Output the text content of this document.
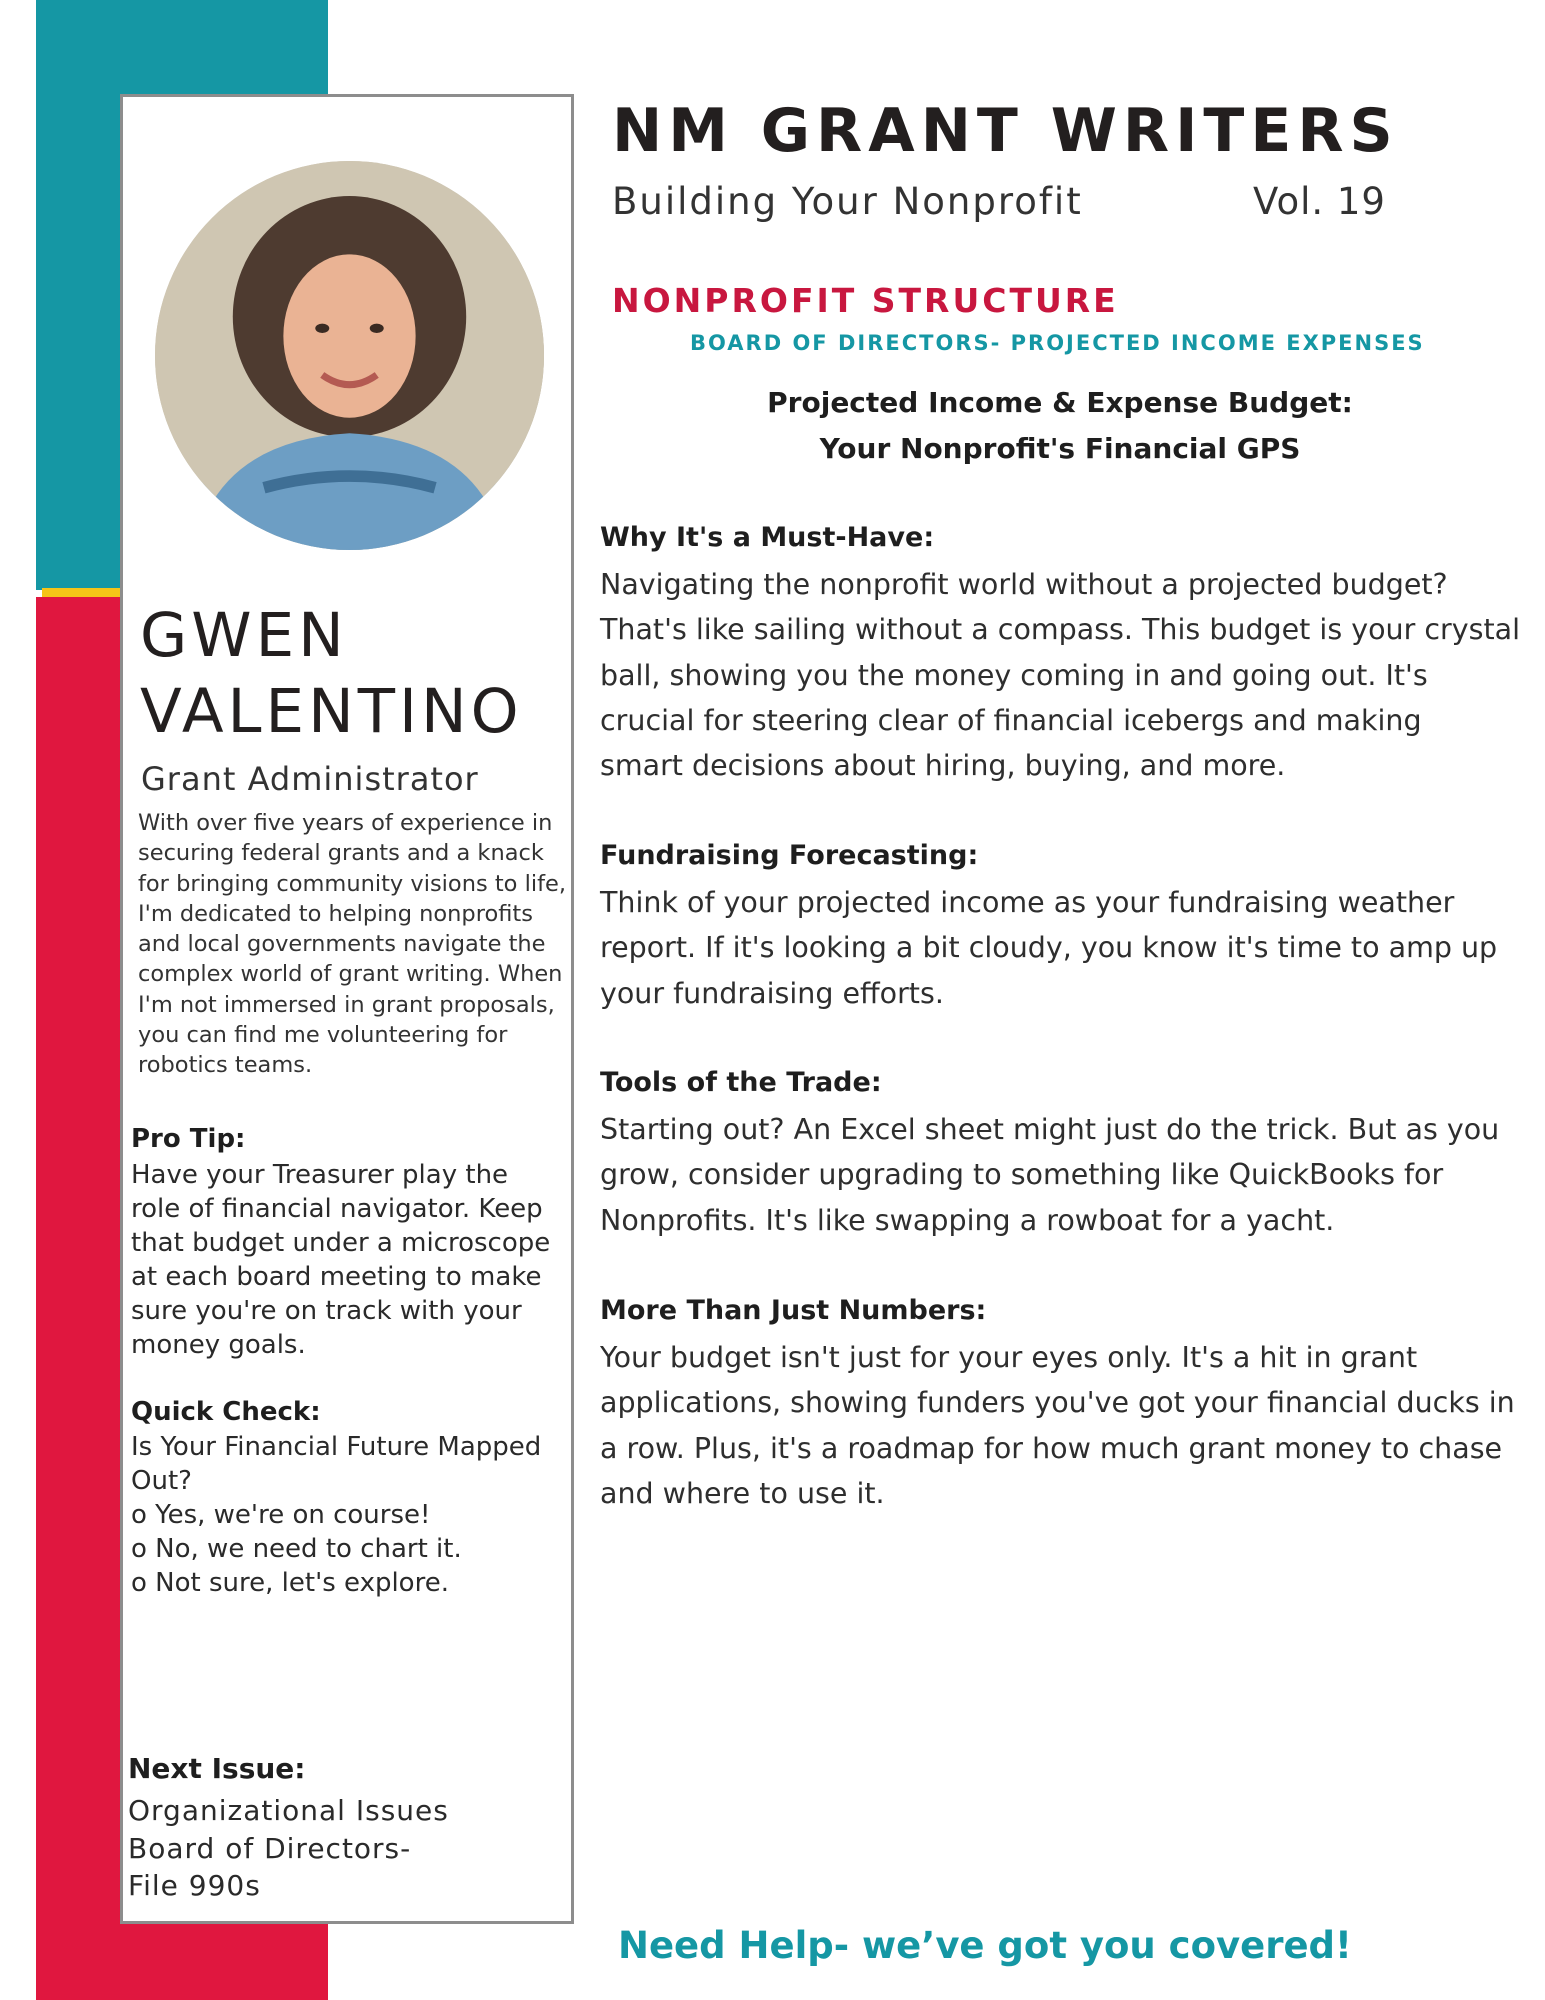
GWEN
VALENTINO
Grant Administrator
With over five years of experience in
securing federal grants and a knack
for bringing community visions to life,
I'm dedicated to helping nonprofits
and local governments navigate the
complex world of grant writing. When
I'm not immersed in grant proposals,
you can find me volunteering for
robotics teams.
Pro Tip:
Have your Treasurer play the
role of financial navigator. Keep
that budget under a microscope
at each board meeting to make
sure you're on track with your
money goals.
Quick Check:
Is Your Financial Future Mapped
Out?
o Yes, we're on course!
o No, we need to chart it.
o Not sure, let's explore.
Next Issue:
Organizational Issues
Board of Directors-
File 990s
NM GRANT WRITERS
Building Your Nonprofit	Vol. 19
NONPROFIT STRUCTURE
BOARD OF DIRECTORS- PROJECTED INCOME EXPENSES
Projected Income & Expense Budget:
Your Nonprofit's Financial GPS
Why It's a Must-Have:
Navigating the nonprofit world without a projected budget?
That's like sailing without a compass. This budget is your crystal
ball, showing you the money coming in and going out. It's
crucial for steering clear of financial icebergs and making
smart decisions about hiring, buying, and more.
Fundraising Forecasting:
Think of your projected income as your fundraising weather
report. If it's looking a bit cloudy, you know it's time to amp up
your fundraising efforts.
Tools of the Trade:
Starting out? An Excel sheet might just do the trick. But as you
grow, consider upgrading to something like QuickBooks for
Nonprofits. It's like swapping a rowboat for a yacht.
More Than Just Numbers:
Your budget isn't just for your eyes only. It's a hit in grant
applications, showing funders you've got your financial ducks in
a row. Plus, it's a roadmap for how much grant money to chase
and where to use it.
Need Help- we’ve got you covered!
